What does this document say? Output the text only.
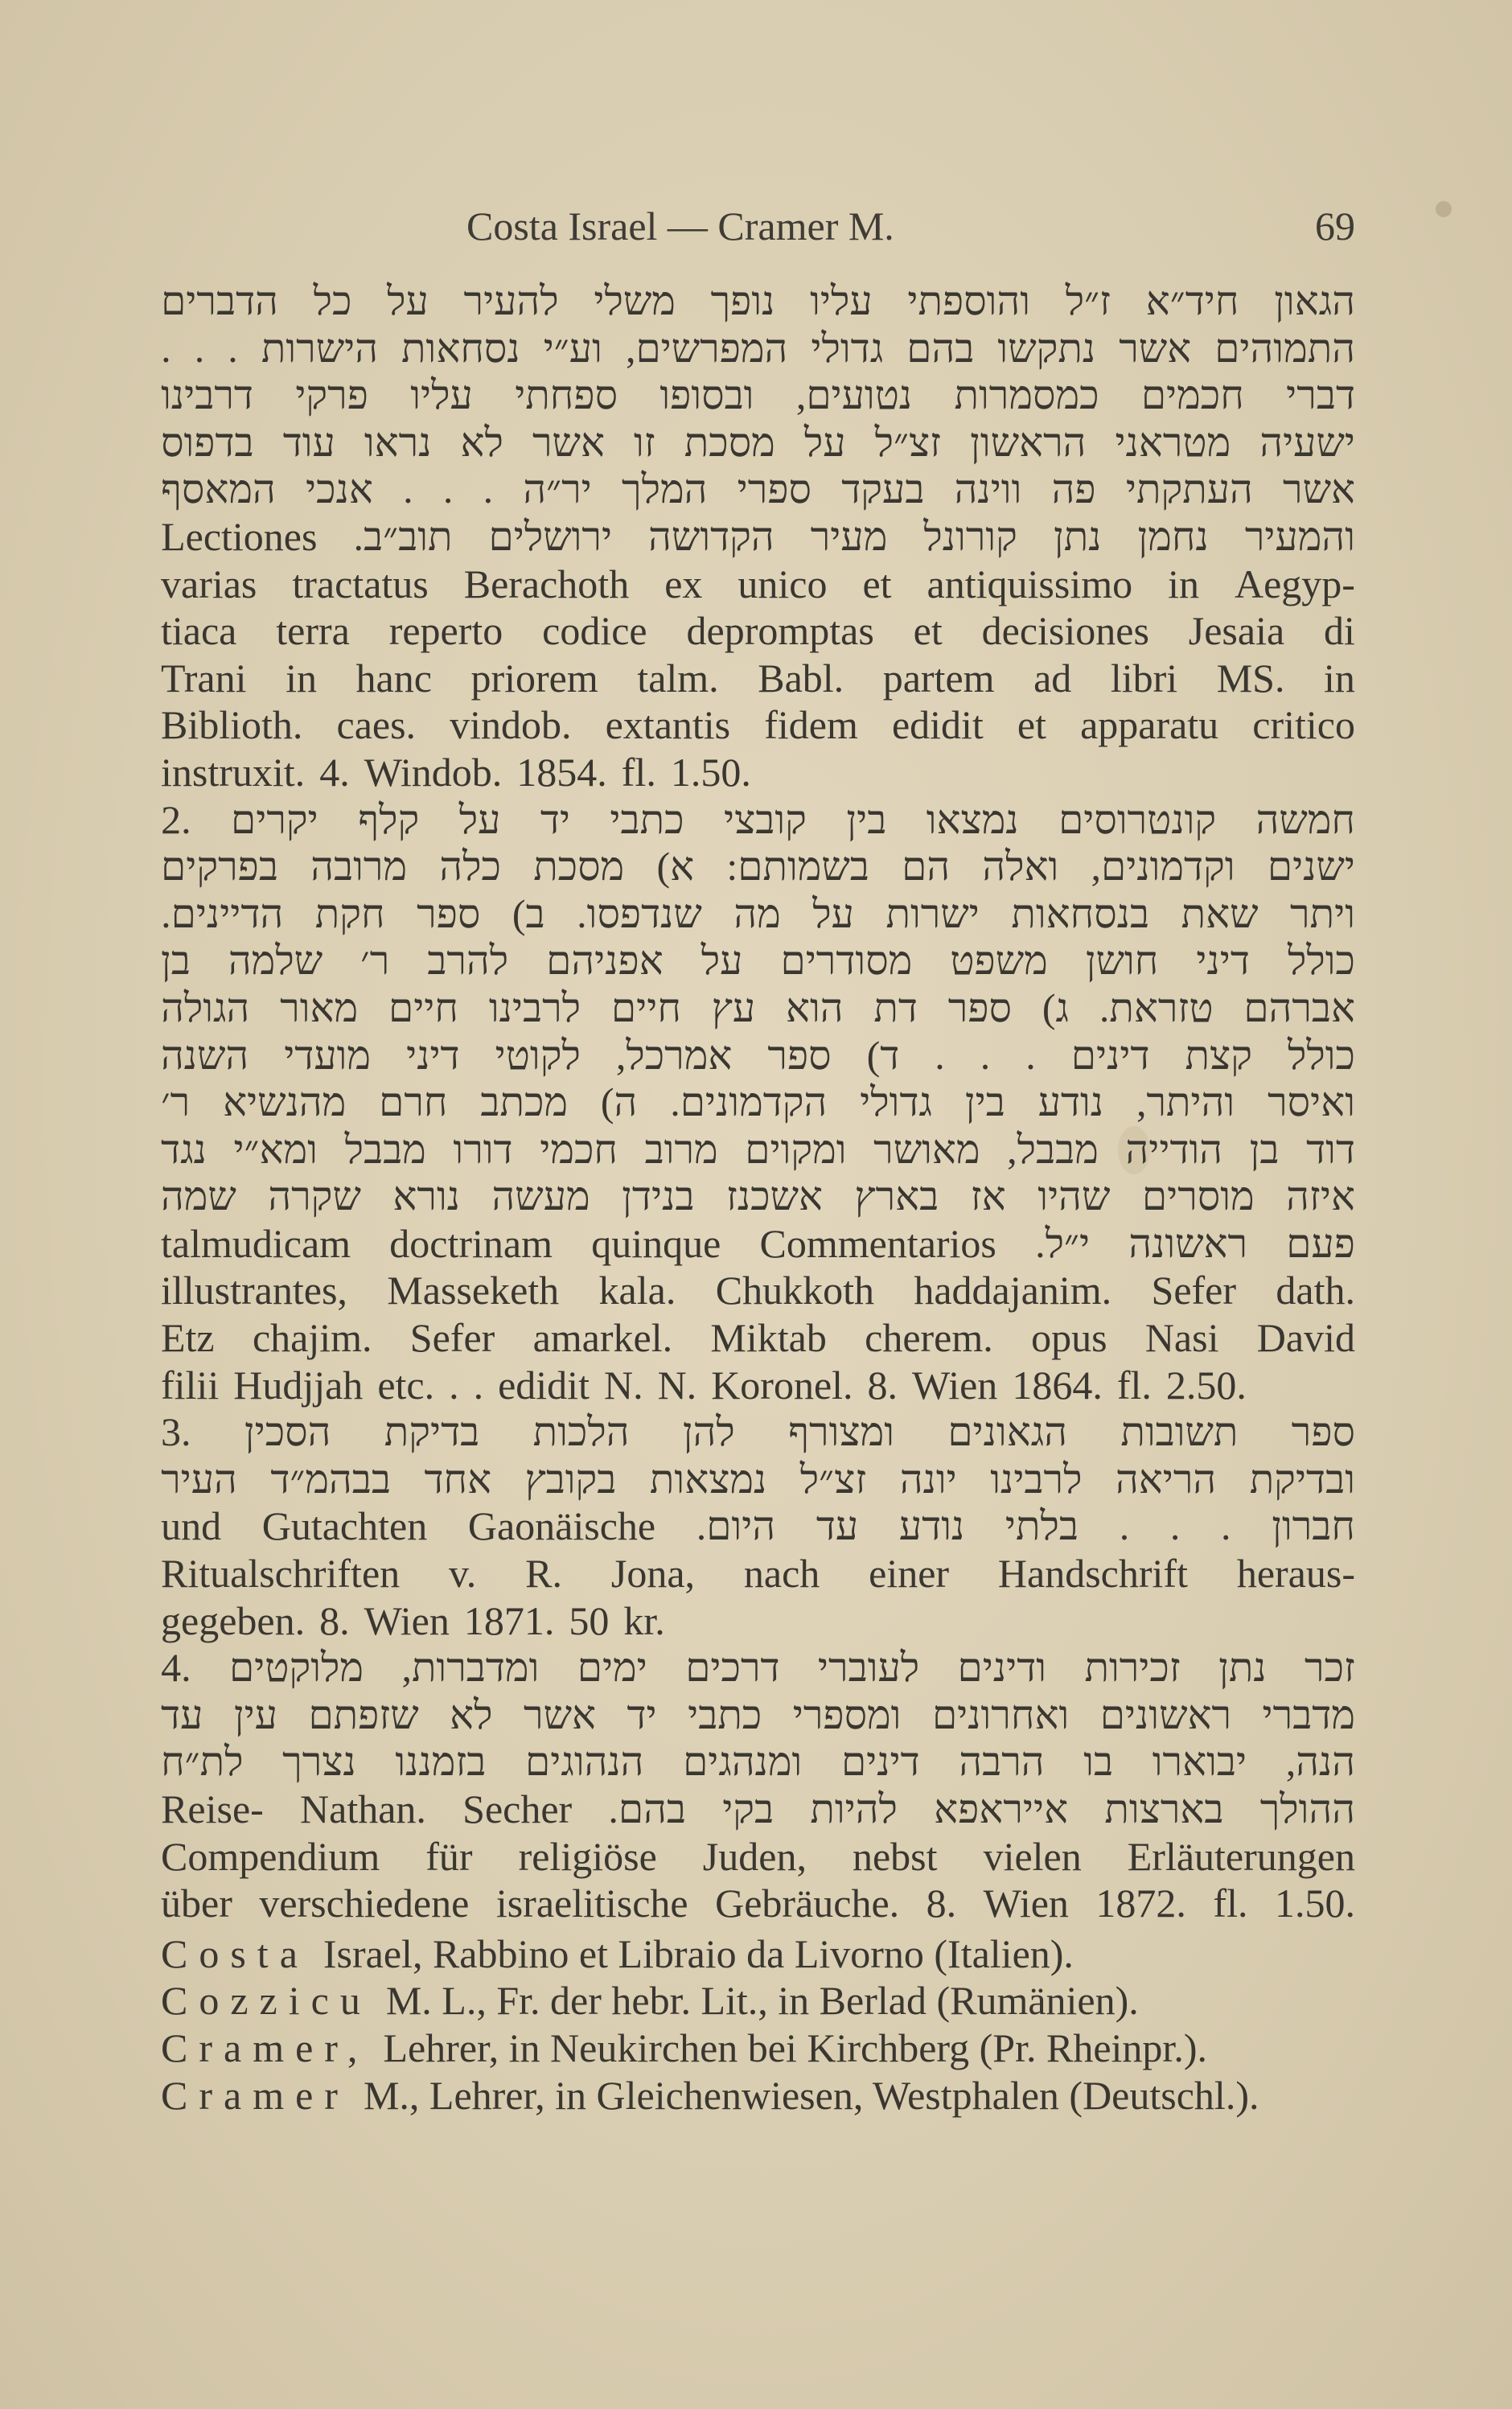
Costa Israel — Cramer M.	69
הגאון
חיד״א
ז״ל
והוספתי
עליו
נופך
משלי
להעיר
על
כל
הדברים
התמוהים
אשר
נתקשו
בהם
גדולי
המפרשים,
וע״י
נסחאות
הישרות
.
.
.
דברי
חכמים
כמסמרות
נטועים,
ובסופו
ספחתי
עליו
פרקי
דרבינו
ישעיה
מטראני
הראשון
זצ״ל
על
מסכת
זו
אשר
לא
נראו
עוד
בדפוס
אשר
העתקתי
פה
ווינה
בעקד
ספרי
המלך
יר״ה
.
.
.
אנכי
המאסף
והמעיר
נחמן
נתן
קורונל
מעיר
הקדושה
ירושלים
תוב״ב.
Lectiones
varias tractatus Berachoth ex unico et antiquissimo in Aegyp-
tiaca terra reperto codice depromptas et decisiones Jesaia di
Trani in hanc priorem talm. Babl. partem ad libri MS. in
Biblioth. caes. vindob. extantis fidem edidit et apparatu critico
instruxit. 4. Windob. 1854. fl. 1.50.
חמשה
קונטרוסים
נמצאו
בין
קובצי
כתבי
יד
על
קלף
יקרים
2.
ישנים
וקדמונים,
ואלה
הם
בשמותם:
א)
מסכת
כלה
מרובה
בפרקים
ויתר
שאת
בנסחאות
ישרות
על
מה
שנדפסו.
ב)
ספר
חקת
הדיינים.
כולל
דיני
חושן
משפט
מסודרים
על
אפניהם
להרב
ר׳
שלמה
בן
אברהם
טזראת.
ג)
ספר
דת
הוא
עץ
חיים
לרבינו
חיים
מאור
הגולה
כולל
קצת
דינים
.
.
.
ד)
ספר
אמרכל,
לקוטי
דיני
מועדי
השנה
ואיסר
והיתר,
נודע
בין
גדולי
הקדמונים.
ה)
מכתב
חרם
מהנשיא
ר׳
דוד
בן
הודייה
מבבל,
מאושר
ומקוים
מרוב
חכמי
דורו
מבבל
ומא״י
נגד
איזה
מוסרים
שהיו
אז
בארץ
אשכנז
בנידן
מעשה
נורא
שקרה
שמה
פעם
ראשונה
י״ל.
Commentarios
quinque
doctrinam
talmudicam
illustrantes, Masseketh kala. Chukkoth haddajanim. Sefer dath.
Etz chajim. Sefer amarkel. Miktab cherem. opus Nasi David
filii Hudjjah etc. . . edidit N. N. Koronel. 8. Wien 1864. fl. 2.50.
ספר
תשובות
הגאונים
ומצורף
להן
הלכות
בדיקת
הסכין
3.
ובדיקת
הריאה
לרבינו
יונה
זצ״ל
נמצאות
בקובץ
אחד
בבהמ״ד
העיר
חברון
.
.
.
בלתי
נודע
עד
היום.
Gaonäische
Gutachten
und
Ritualschriften v. R. Jona, nach einer Handschrift heraus-
gegeben. 8. Wien 1871. 50 kr.
זכר
נתן
זכירות
ודינים
לעוברי
דרכים
ימים
ומדברות,
מלוקטים
4.
מדברי
ראשונים
ואחרונים
ומספרי
כתבי
יד
אשר
לא
שזפתם
עין
עד
הנה,
יבוארו
בו
הרבה
דינים
ומנהגים
הנהוגים
בזמננו
נצרך
לת״ח
ההולך
בארצות
אייראפא
להיות
בקי
בהם.
Secher
Nathan.
Reise-
Compendium für religiöse Juden, nebst vielen Erläuterungen
über verschiedene israelitische Gebräuche. 8. Wien 1872. fl. 1.50.
Costa Israel, Rabbino et Libraio da Livorno (Italien).
Cozzicu M. L., Fr. der hebr. Lit., in Berlad (Rumänien).
Cramer, Lehrer, in Neukirchen bei Kirchberg (Pr. Rheinpr.).
Cramer M., Lehrer, in Gleichenwiesen, Westphalen (Deutschl.).
